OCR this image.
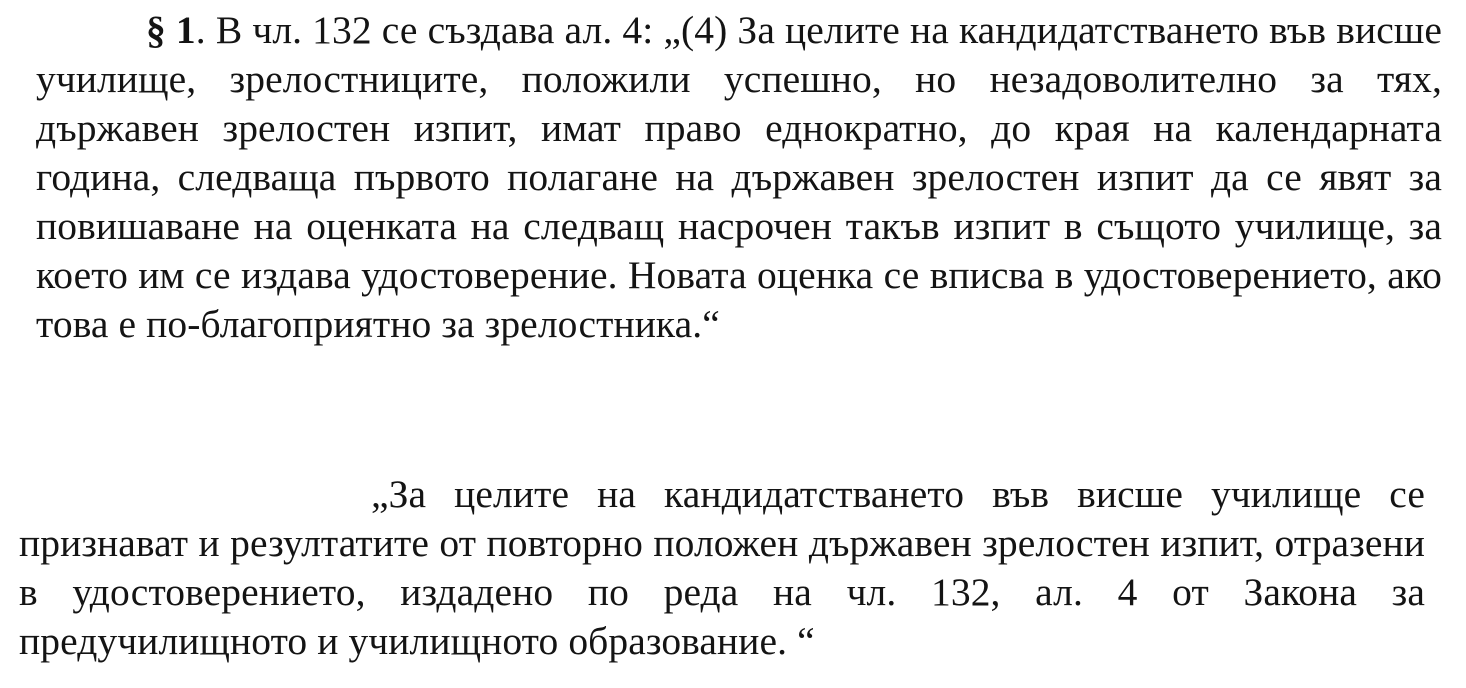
§ 1. В чл. 132 се създава ал. 4: „(4) За целите на кандидатстването във висше училище, зрелостниците, положили успешно, но незадоволително за тях, държавен зрелостен изпит, имат право еднократно, до края на календарната година, следваща първото полагане на държавен зрелостен изпит да се явят за повишаване на оценката на следващ насрочен такъв изпит в същото училище, за което им се издава удостоверение. Новата оценка се вписва в удостоверението, ако това е по-благоприятно за зрелостника.“

„За целите на кандидатстването във висше училище се признават и резултатите от повторно положен държавен зрелостен изпит, отразени в удостоверението, издадено по реда на чл. 132, ал. 4 от Закона за предучилищното и училищното образование. “
